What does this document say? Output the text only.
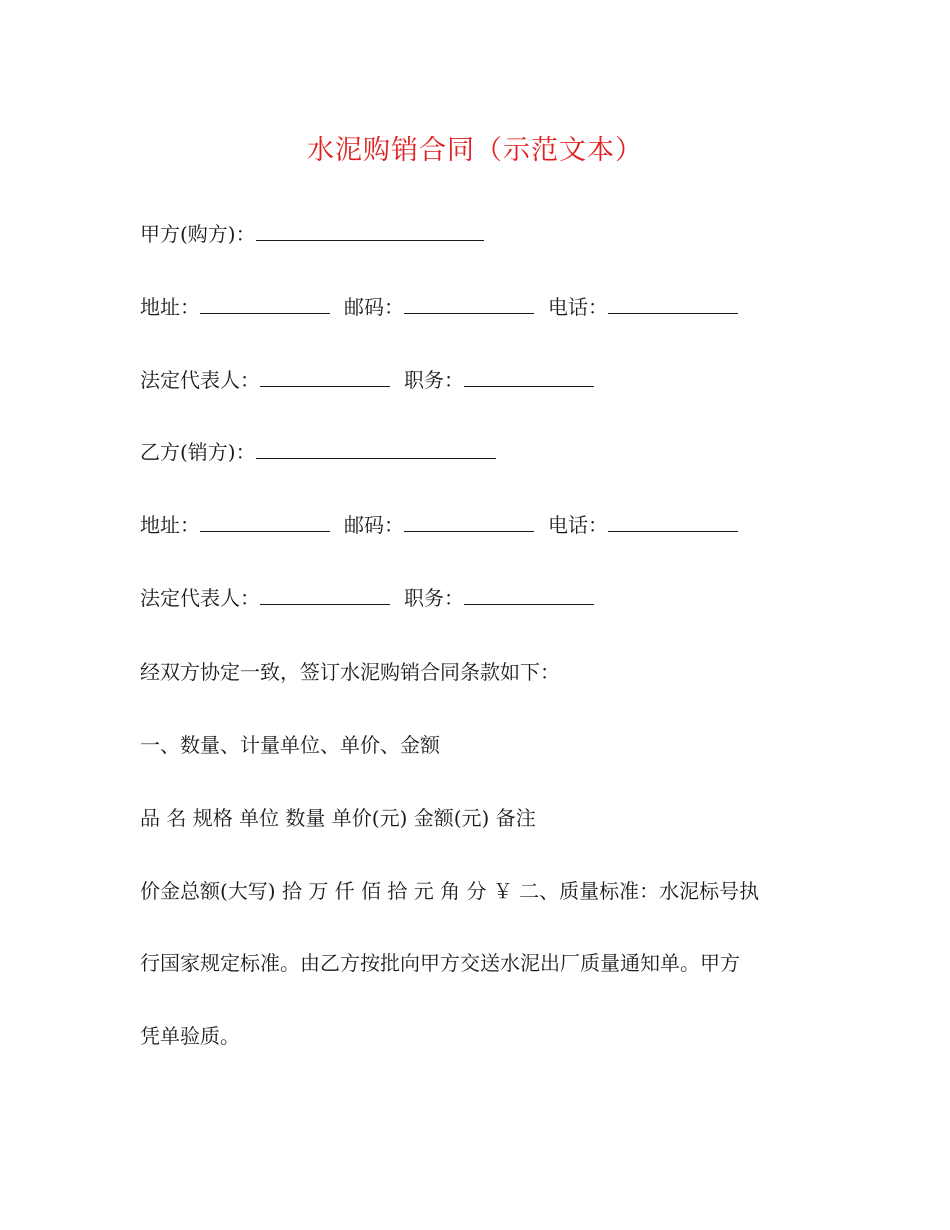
水泥购销合同（示范文本）
甲方(购方)：
地址：	邮码：	电话：
法定代表人：	职务：
乙方(销方)：
地址：	邮码：	电话：
法定代表人：	职务：
经双方协定一致，签订水泥购销合同条款如下：
一、数量、计量单位、单价、金额
品 名 规格 单位 数量 单价(元) 金额(元) 备注
价金总额(大写) 拾 万 仟 佰 拾 元 角 分 ￥ 二、质量标准：水泥标号执
行国家规定标准。由乙方按批向甲方交送水泥出厂质量通知单。甲方
凭单验质。
